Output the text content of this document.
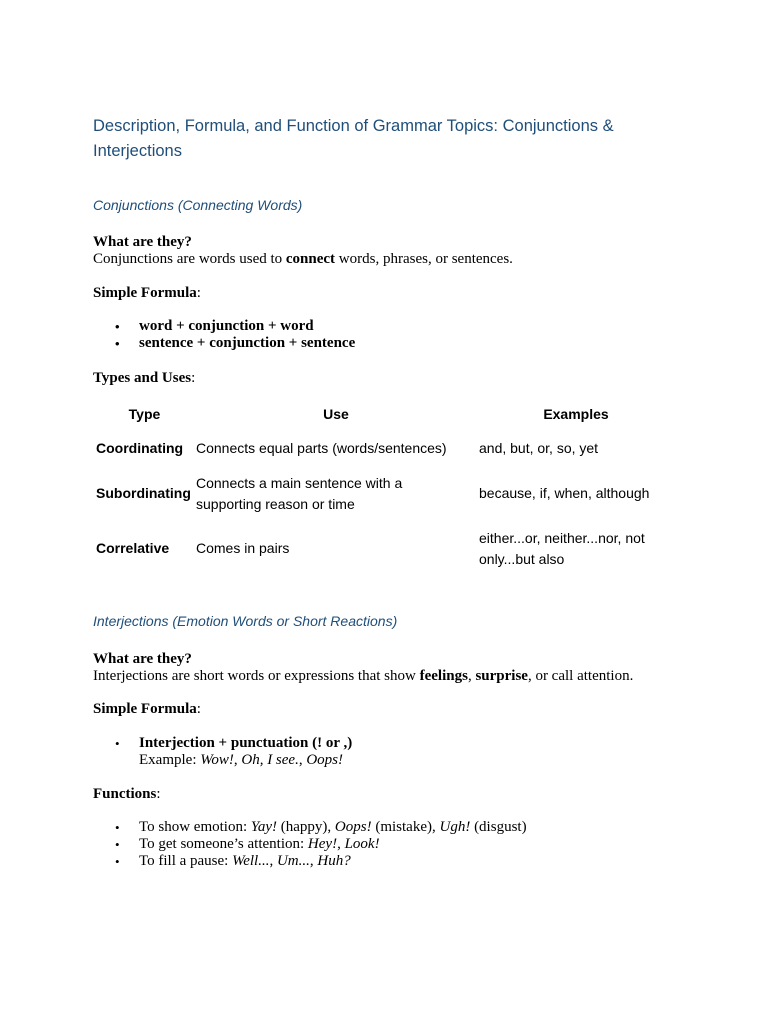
Description, Formula, and Function of Grammar Topics: Conjunctions & Interjections
Conjunctions (Connecting Words)
What are they?
Conjunctions are words used to connect words, phrases, or sentences.
Simple Formula:
• word + conjunction + word
• sentence + conjunction + sentence
Types and Uses:
Type	Use	Examples
Coordinating	Connects equal parts (words/sentences)	and, but, or, so, yet
Subordinating	Connects a main sentence with a supporting reason or time	because, if, when, although
Correlative	Comes in pairs	either...or, neither...nor, not only...but also
Interjections (Emotion Words or Short Reactions)
What are they?
Interjections are short words or expressions that show feelings, surprise, or call attention.
Simple Formula:
• Interjection + punctuation (! or ,)
Example: Wow!, Oh, I see., Oops!
Functions:
• To show emotion: Yay! (happy), Oops! (mistake), Ugh! (disgust)
• To get someone’s attention: Hey!, Look!
• To fill a pause: Well..., Um..., Huh?
